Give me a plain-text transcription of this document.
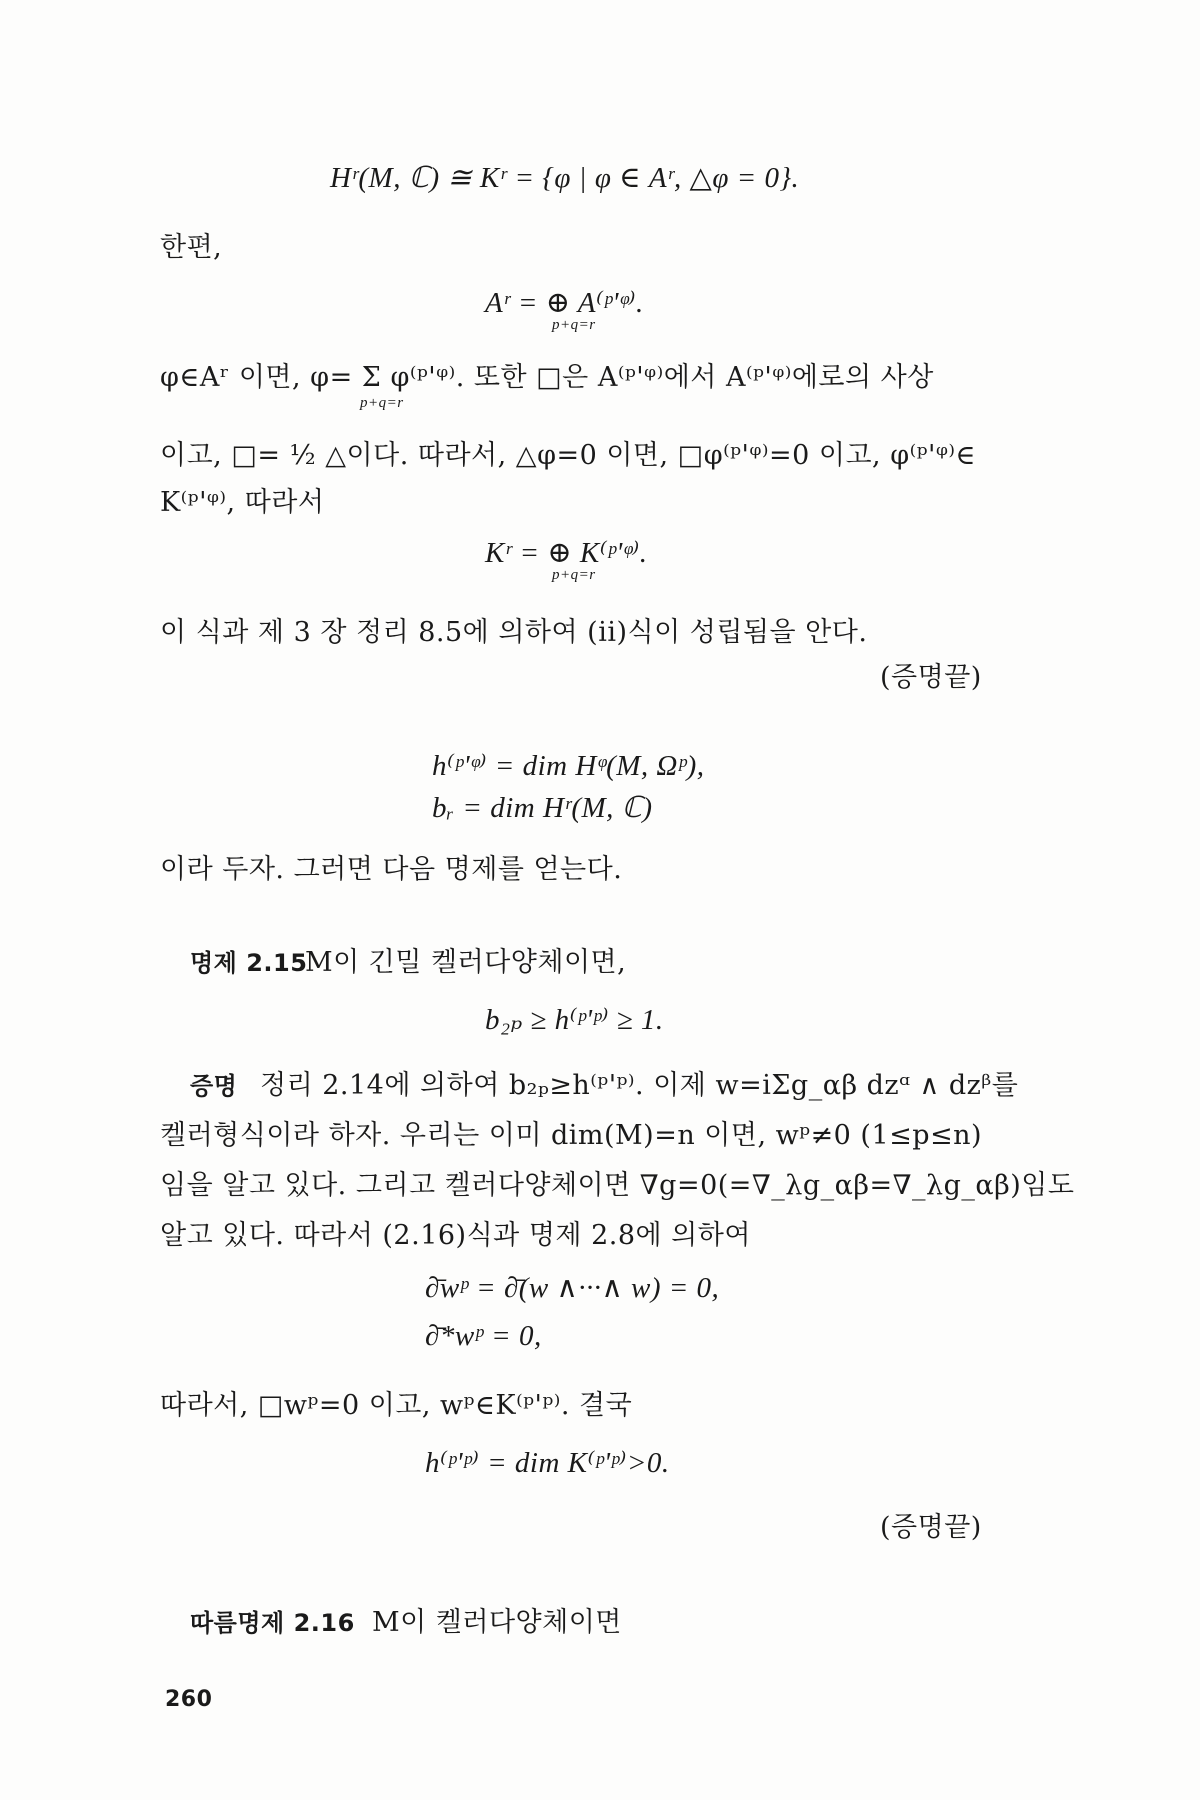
Hʳ(M, ℂ) ≅ Kʳ = {φ | φ ∈ Aʳ, △φ = 0}.
한편,
Aʳ = ⊕ A⁽ᵖ'ᵠ⁾.
p+q=r
φ∈Aʳ 이면, φ= Σ φ⁽ᵖ'ᵠ⁾. 또한 □은 A⁽ᵖ'ᵠ⁾에서 A⁽ᵖ'ᵠ⁾에로의 사상
p+q=r
이고, □= ½ △이다. 따라서, △φ=0 이면, □φ⁽ᵖ'ᵠ⁾=0 이고, φ⁽ᵖ'ᵠ⁾∈
K⁽ᵖ'ᵠ⁾, 따라서
Kʳ = ⊕ K⁽ᵖ'ᵠ⁾.
p+q=r
이 식과 제 3 장 정리 8.5에 의하여 (ii)식이 성립됨을 안다.
(증명끝)
h⁽ᵖ'ᵠ⁾ = dim Hᵠ(M, Ωᵖ),
bᵣ = dim Hʳ(M, ℂ)
이라 두자. 그러면 다음 명제를 얻는다.
명제 2.15
M이 긴밀 켈러다양체이면,
b₂ₚ ≥ h⁽ᵖ'ᵖ⁾ ≥ 1.
증명 정리 2.14에 의하여 b₂ₚ≥h⁽ᵖ'ᵖ⁾. 이제 w=iΣg_αβ dzᵅ ∧ dzᵝ를
켈러형식이라 하자. 우리는 이미 dim(M)=n 이면, wᵖ≠0 (1≤p≤n)
임을 알고 있다. 그리고 켈러다양체이면 ∇g=0(=∇_λg_αβ=∇_λg_αβ)임도
알고 있다. 따라서 (2.16)식과 명제 2.8에 의하여
∂̄wᵖ = ∂̄(w ∧···∧ w) = 0,
∂̄*wᵖ = 0,
따라서, □wᵖ=0 이고, wᵖ∈K⁽ᵖ'ᵖ⁾. 결국
h⁽ᵖ'ᵖ⁾ = dim K⁽ᵖ'ᵖ⁾>0.
(증명끝)
따름명제 2.16 M이 켈러다양체이면
260
